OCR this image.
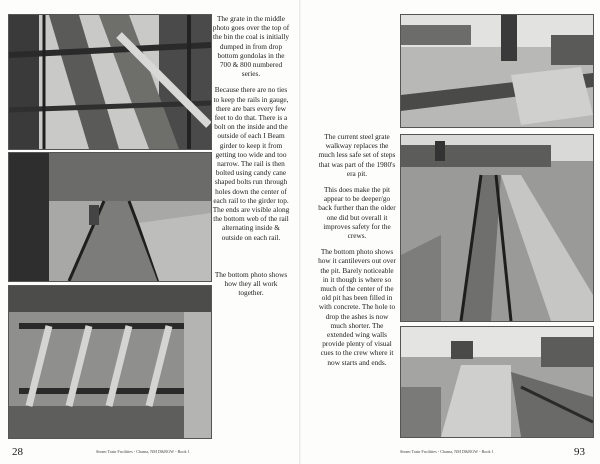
The grate in the middle photo goes over the top of the bin the coal is initially dumped in from drop bottom gondolas in the 700 & 800 numbered series.

Because there are no ties to keep the rails in gauge, there are bars every few feet to do that. There is a bolt on the inside and the outside of each I Beam girder to keep it from getting too wide and too narrow. The rail is then bolted using candy cane shaped bolts run through holes down the center of each rail to the girder top. The ends are visible along the bottom web of the rail alternating inside & outside on each rail.

The bottom photo shows how they all work together.

The current steel grate walkway replaces the much less safe set of steps that was part of the 1980's era pit.

This does make the pit appear to be deeper/go back further than the older one did but overall it improves safety for the crews.

The bottom photo shows how it cantilevers out over the pit. Barely noticeable in it though is where so much of the center of the old pit has been filled in with concrete. The hole to drop the ashes is now much shorter. The extended wing walls provide plenty of visual cues to the crew where it now starts and ends.

28	Steam Train Facilities - Chama, NM D&RGW - Book 1	Steam Train Facilities - Chama, NM D&RGW - Book 1	93
